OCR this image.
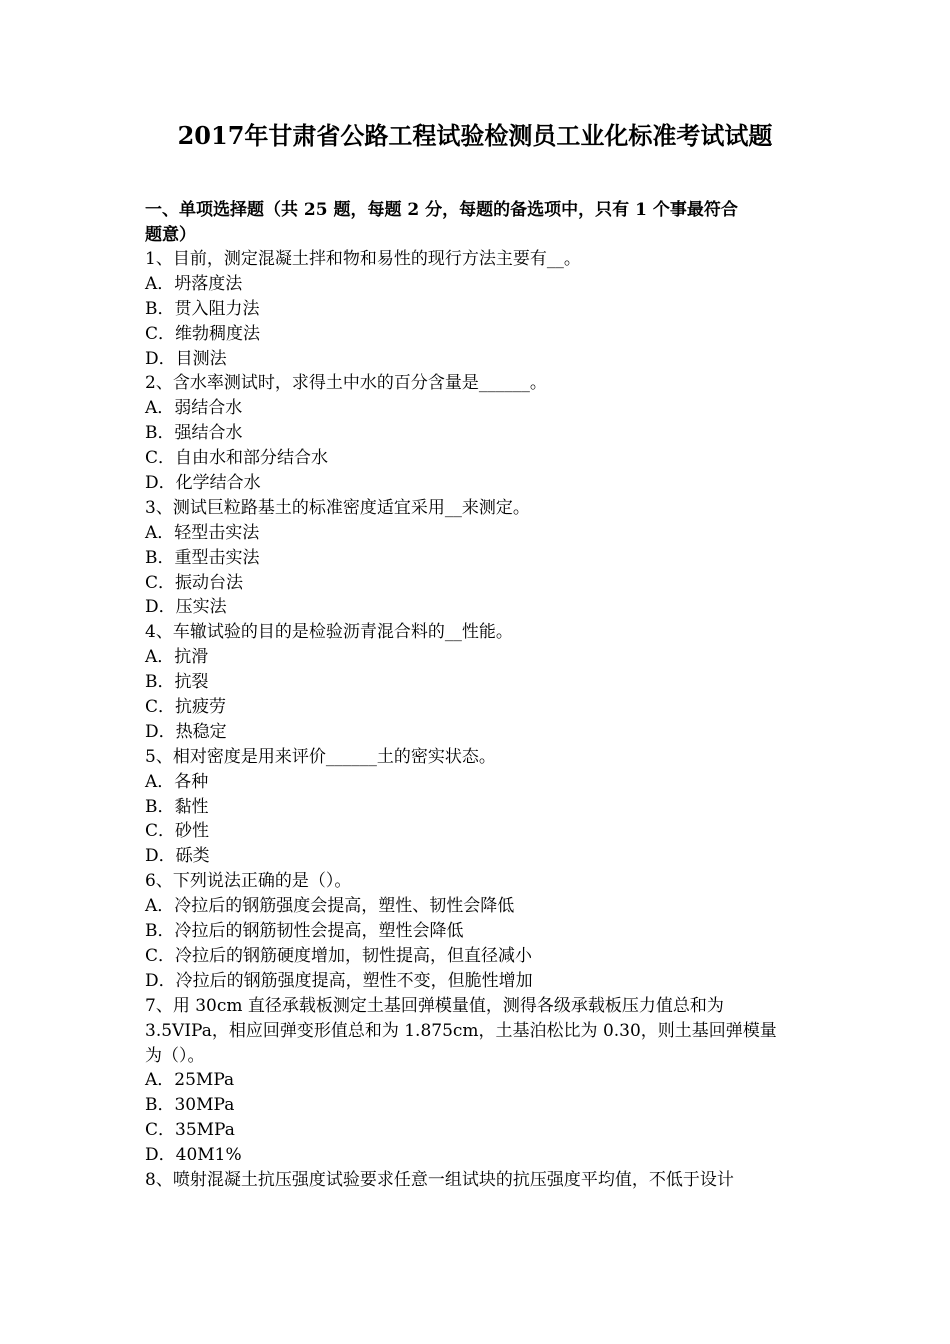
2017年甘肃省公路工程试验检测员工业化标准考试试题
一、单项选择题（共 25 题，每题 2 分，每题的备选项中，只有 1 个事最符合
题意）
1、目前，测定混凝土拌和物和易性的现行方法主要有__。
A．坍落度法
B．贯入阻力法
C．维勃稠度法
D．目测法
2、含水率测试时，求得土中水的百分含量是______。
A．弱结合水
B．强结合水
C．自由水和部分结合水
D．化学结合水
3、测试巨粒路基土的标准密度适宜采用__来测定。
A．轻型击实法
B．重型击实法
C．振动台法
D．压实法
4、车辙试验的目的是检验沥青混合料的__性能。
A．抗滑
B．抗裂
C．抗疲劳
D．热稳定
5、相对密度是用来评价______土的密实状态。
A．各种
B．黏性
C．砂性
D．砾类
6、下列说法正确的是（）。
A．冷拉后的钢筋强度会提高，塑性、韧性会降低
B．冷拉后的钢筋韧性会提高，塑性会降低
C．冷拉后的钢筋硬度增加，韧性提高，但直径减小
D．冷拉后的钢筋强度提高，塑性不变，但脆性增加
7、用 30cm 直径承载板测定土基回弹模量值，测得各级承载板压力值总和为
3.5VIPa，相应回弹变形值总和为 1.875cm，土基泊松比为 0.30，则土基回弹模量
为（）。
A．25MPa
B．30MPa
C．35MPa
D．40M1%
8、喷射混凝土抗压强度试验要求任意一组试块的抗压强度平均值，不低于设计
